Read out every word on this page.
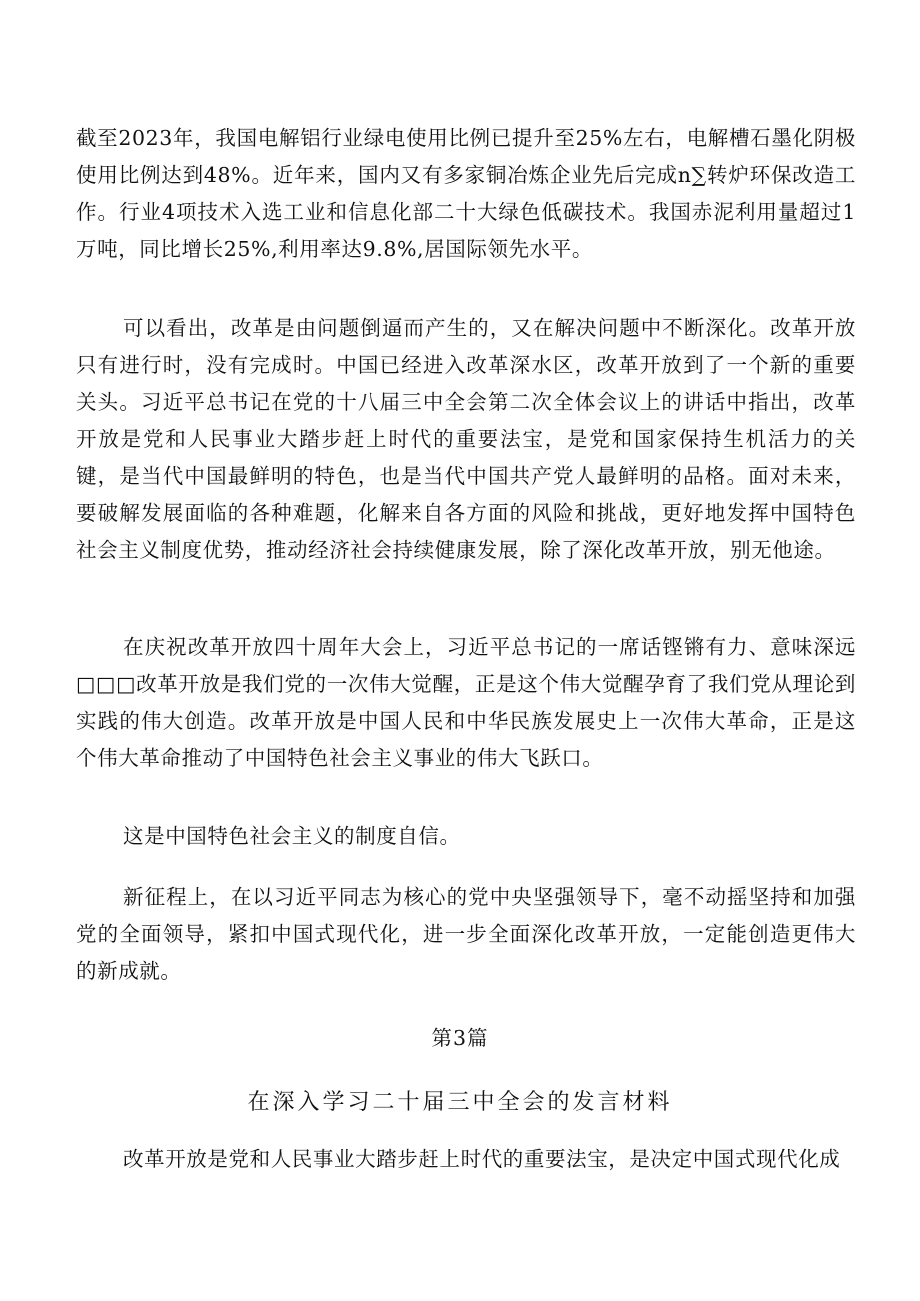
截至2023年，我国电解铝行业绿电使用比例已提升至25%左右，电解槽石墨化阴极使用比例达到48%。近年来，国内又有多家铜冶炼企业先后完成n∑转炉环保改造工作。行业4项技术入选工业和信息化部二十大绿色低碳技术。我国赤泥利用量超过1万吨，同比增长25%,利用率达9.8%,居国际领先水平。

可以看出，改革是由问题倒逼而产生的，又在解决问题中不断深化。改革开放只有进行时，没有完成时。中国已经进入改革深水区，改革开放到了一个新的重要关头。习近平总书记在党的十八届三中全会第二次全体会议上的讲话中指出，改革开放是党和人民事业大踏步赶上时代的重要法宝，是党和国家保持生机活力的关键，是当代中国最鲜明的特色，也是当代中国共产党人最鲜明的品格。面对未来，要破解发展面临的各种难题，化解来自各方面的风险和挑战，更好地发挥中国特色社会主义制度优势，推动经济社会持续健康发展，除了深化改革开放，别无他途。

在庆祝改革开放四十周年大会上，习近平总书记的一席话铿锵有力、意味深远□□□改革开放是我们党的一次伟大觉醒，正是这个伟大觉醒孕育了我们党从理论到实践的伟大创造。改革开放是中国人民和中华民族发展史上一次伟大革命，正是这个伟大革命推动了中国特色社会主义事业的伟大飞跃口。

这是中国特色社会主义的制度自信。

新征程上，在以习近平同志为核心的党中央坚强领导下，毫不动摇坚持和加强党的全面领导，紧扣中国式现代化，进一步全面深化改革开放，一定能创造更伟大的新成就。

第3篇

在深入学习二十届三中全会的发言材料

改革开放是党和人民事业大踏步赶上时代的重要法宝，是决定中国式现代化成
